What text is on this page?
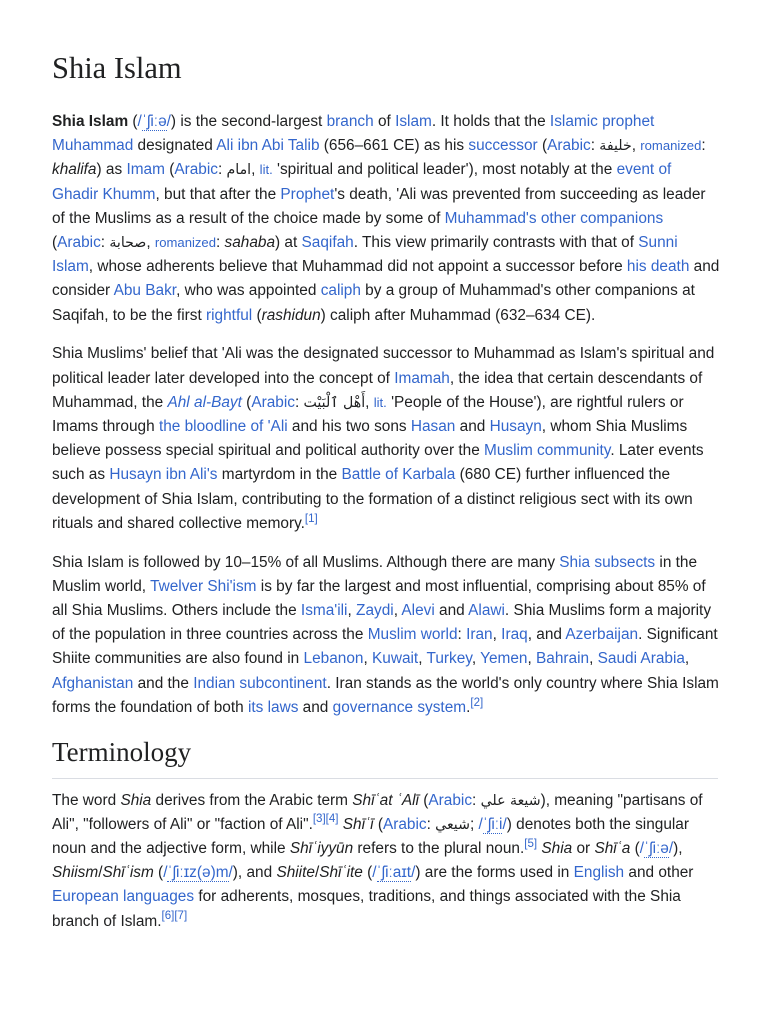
Shia Islam

Shia Islam (/ˈʃiːə/) is the second-largest branch of Islam. It holds that the Islamic prophet Muhammad designated Ali ibn Abi Talib (656–661 CE) as his successor (Arabic: خليفة, romanized: khalifa) as Imam (Arabic: امام, lit. 'spiritual and political leader'), most notably at the event of Ghadir Khumm, but that after the Prophet's death, 'Ali was prevented from succeeding as leader of the Muslims as a result of the choice made by some of Muhammad's other companions (Arabic: صحابة, romanized: sahaba) at Saqifah. This view primarily contrasts with that of Sunni Islam, whose adherents believe that Muhammad did not appoint a successor before his death and consider Abu Bakr, who was appointed caliph by a group of Muhammad's other companions at Saqifah, to be the first rightful (rashidun) caliph after Muhammad (632–634 CE).

Shia Muslims' belief that 'Ali was the designated successor to Muhammad as Islam's spiritual and political leader later developed into the concept of Imamah, the idea that certain descendants of Muhammad, the Ahl al-Bayt (Arabic: أَهْل ٱلْبَيْت, lit. 'People of the House'), are rightful rulers or Imams through the bloodline of 'Ali and his two sons Hasan and Husayn, whom Shia Muslims believe possess special spiritual and political authority over the Muslim community. Later events such as Husayn ibn Ali's martyrdom in the Battle of Karbala (680 CE) further influenced the development of Shia Islam, contributing to the formation of a distinct religious sect with its own rituals and shared collective memory.[1]

Shia Islam is followed by 10–15% of all Muslims. Although there are many Shia subsects in the Muslim world, Twelver Shi'ism is by far the largest and most influential, comprising about 85% of all Shia Muslims. Others include the Isma'ili, Zaydi, Alevi and Alawi. Shia Muslims form a majority of the population in three countries across the Muslim world: Iran, Iraq, and Azerbaijan. Significant Shiite communities are also found in Lebanon, Kuwait, Turkey, Yemen, Bahrain, Saudi Arabia, Afghanistan and the Indian subcontinent. Iran stands as the world's only country where Shia Islam forms the foundation of both its laws and governance system.[2]

Terminology

The word Shia derives from the Arabic term Shīʿat ʿAlī (Arabic: شيعة علي), meaning "partisans of Ali", "followers of Ali" or "faction of Ali".[3][4] Shīʿī (Arabic: شيعي; /ˈʃiːi/) denotes both the singular noun and the adjective form, while Shīʿiyyūn refers to the plural noun.[5] Shia or Shīʿa (/ˈʃiːə/), Shiism/Shīʿism (/ˈʃiːɪz(ə)m/), and Shiite/Shīʿite (/ˈʃiːaɪt/) are the forms used in English and other European languages for adherents, mosques, traditions, and things associated with the Shia branch of Islam.[6][7]
